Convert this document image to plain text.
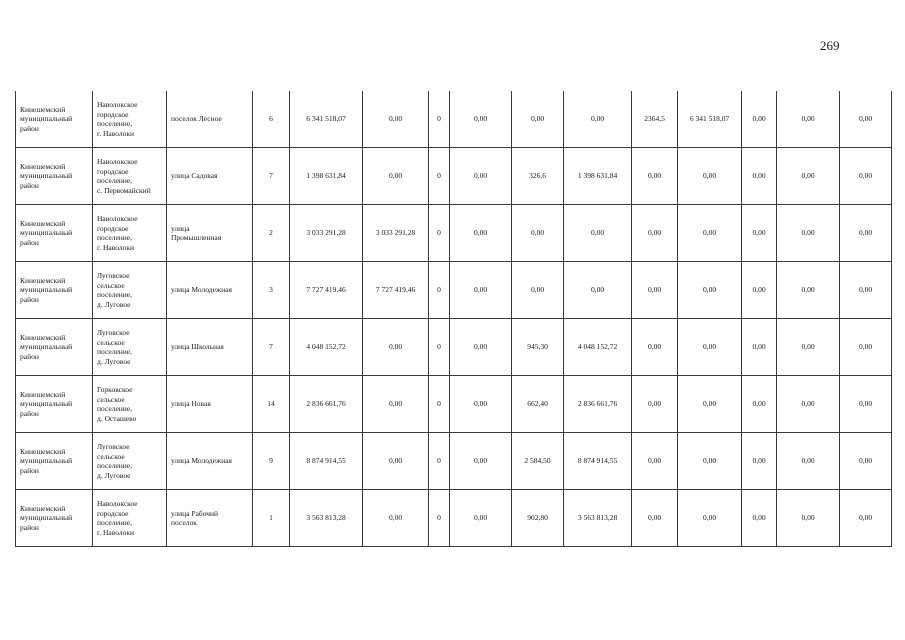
269
Кинешемский
муниципальный
район	Наволокское
городское
поселение,
г. Наволоки	поселок Лесное	6	6 341 518,07	0,00	0	0,00	0,00	0,00	2364,5	6 341 518,07	0,00	0,00	0,00
Кинешемский
муниципальный
район	Наволокское
городское
поселение,
с. Первомайский	улица Садовая	7	1 398 631,84	0,00	0	0,00	326,6	1 398 631,84	0,00	0,00	0,00	0,00	0,00
Кинешемский
муниципальный
район	Наволокское
городское
поселение,
г. Наволоки	улица
Промышленная	2	3 033 291,28	3 033 291,28	0	0,00	0,00	0,00	0,00	0,00	0,00	0,00	0,00
Кинешемский
муниципальный
район	Луговское
сельское
поселение,
д. Луговое	улица Молодежная	3	7 727 419,46	7 727 419,46	0	0,00	0,00	0,00	0,00	0,00	0,00	0,00	0,00
Кинешемский
муниципальный
район	Луговское
сельское
поселение,
д. Луговое	улица Школьная	7	4 048 152,72	0,00	0	0,00	945,30	4 048 152,72	0,00	0,00	0,00	0,00	0,00
Кинешемский
муниципальный
район	Горковское
сельское
поселение,
д. Осташево	улица Новая	14	2 836 661,76	0,00	0	0,00	662,40	2 836 661,76	0,00	0,00	0,00	0,00	0,00
Кинешемский
муниципальный
район	Луговское
сельское
поселение,
д. Луговое	улица Молодежная	9	8 874 914,55	0,00	0	0,00	2 584,50	8 874 914,55	0,00	0,00	0,00	0,00	0,00
Кинешемский
муниципальный
район	Наволокское
городское
поселение,
г. Наволоки	улица Рабочий
поселок	1	3 563 813,28	0,00	0	0,00	902,80	3 563 813,28	0,00	0,00	0,00	0,00	0,00
